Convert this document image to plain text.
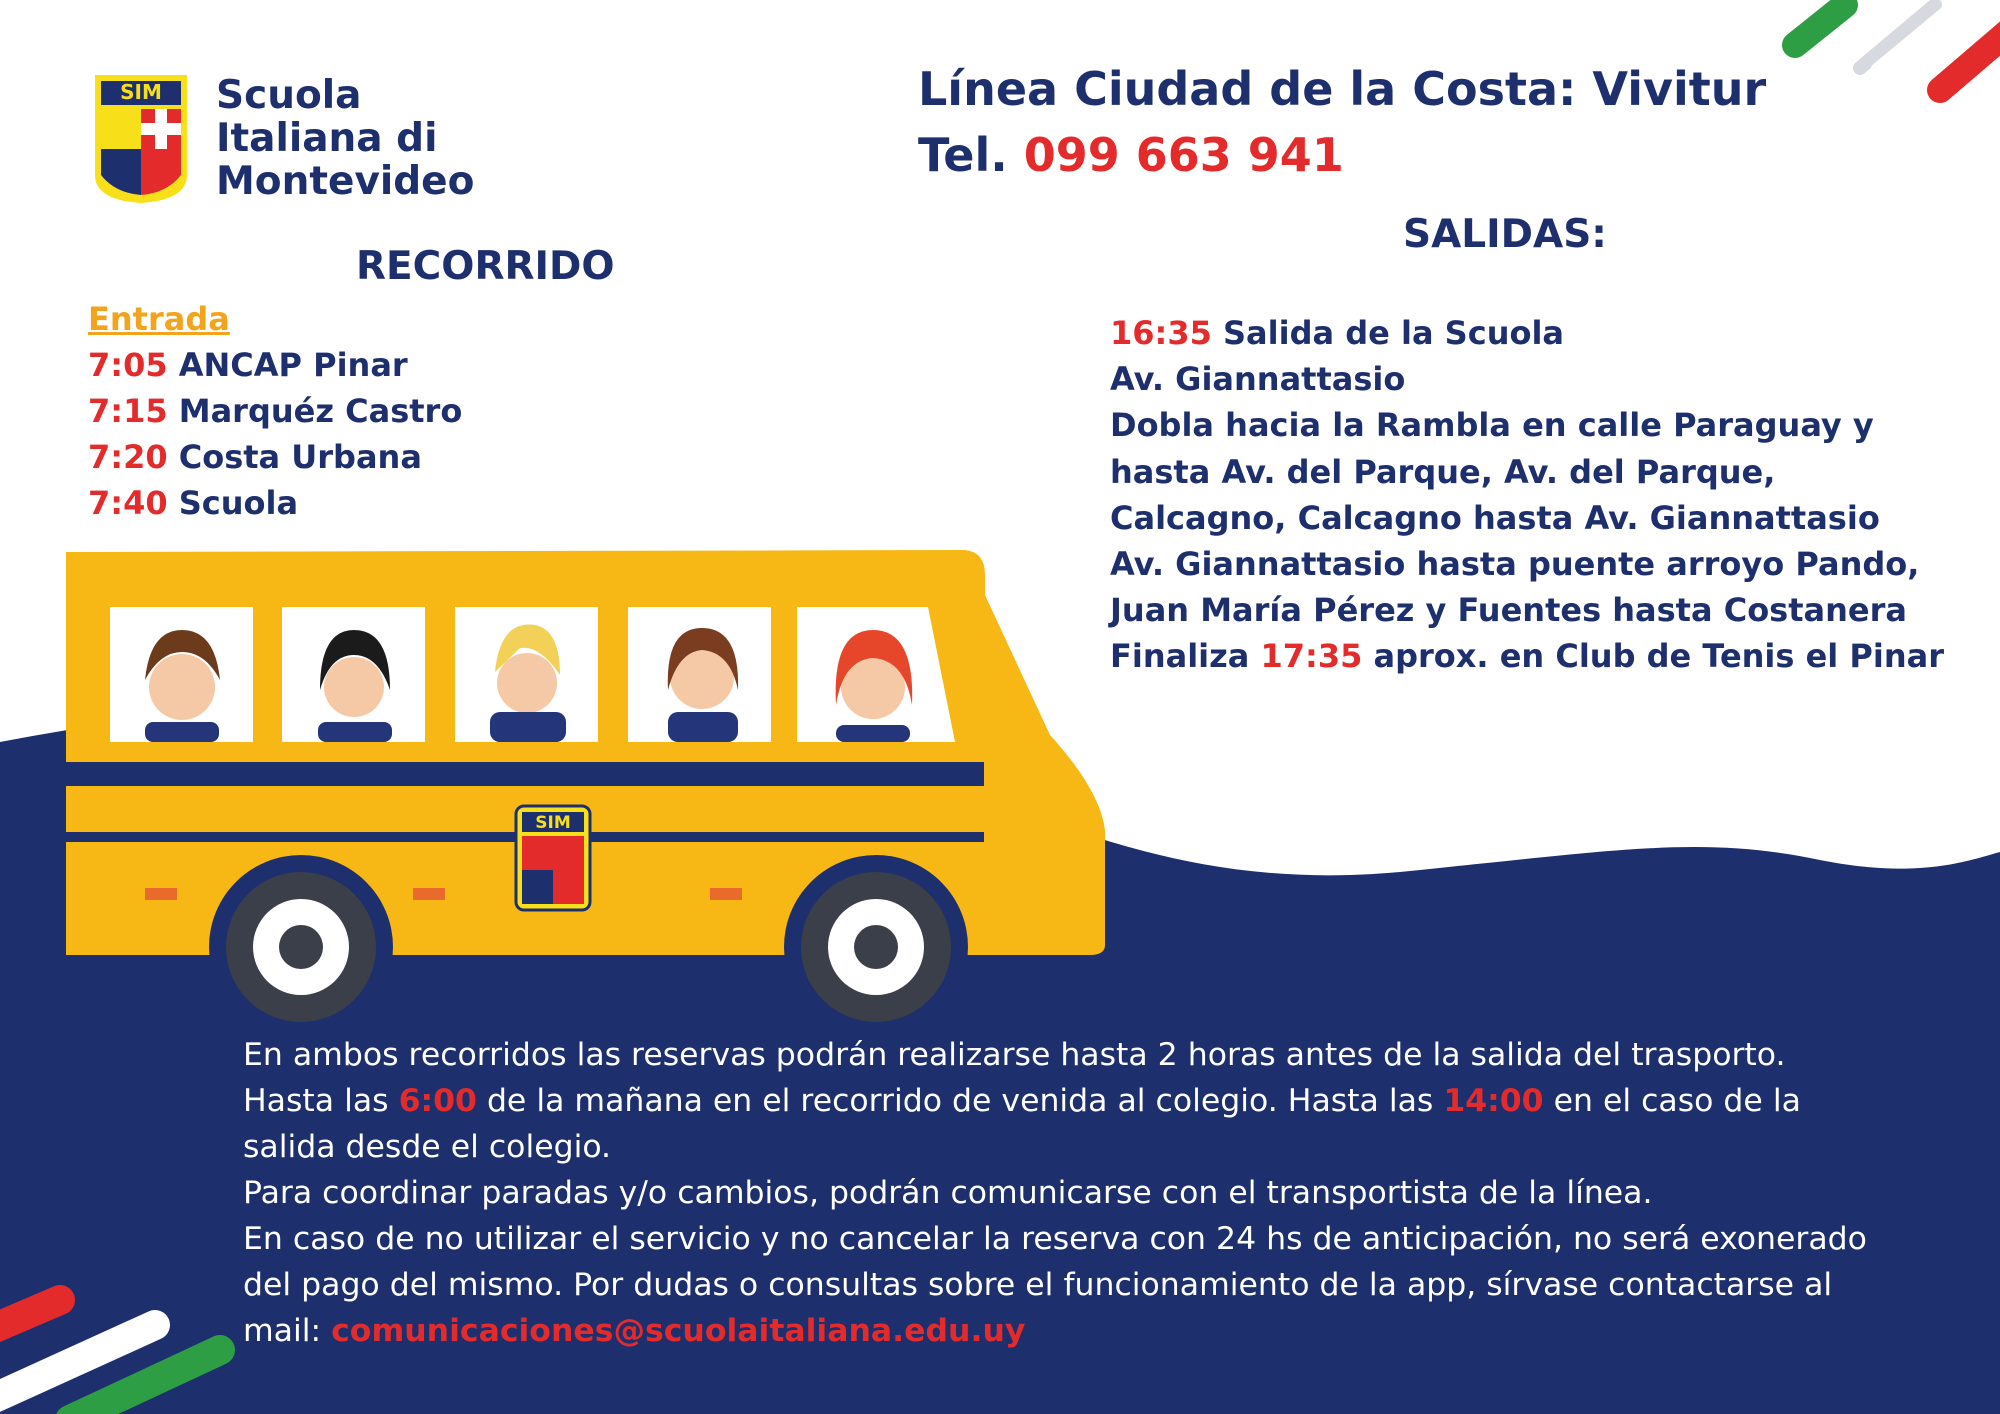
SIM
SIM	Scuola
Italiana di
Montevideo
Línea Ciudad de la Costa: Vivitur
Tel. 099 663 941
RECORRIDO
Entrada
7:05 ANCAP Pinar
7:15 Marquéz Castro
7:20 Costa Urbana
7:40 Scuola
SALIDAS:
16:35 Salida de la Scuola
Av. Giannattasio
Dobla hacia la Rambla en calle Paraguay y
hasta Av. del Parque, Av. del Parque,
Calcagno, Calcagno hasta Av. Giannattasio
Av. Giannattasio hasta puente arroyo Pando,
Juan María Pérez y Fuentes hasta Costanera
Finaliza 17:35 aprox. en Club de Tenis el Pinar
En ambos recorridos las reservas podrán realizarse hasta 2 horas antes de la salida del trasporto.
Hasta las 6:00 de la mañana en el recorrido de venida al colegio. Hasta las 14:00 en el caso de la
salida desde el colegio.
Para coordinar paradas y/o cambios, podrán comunicarse con el transportista de la línea.
En caso de no utilizar el servicio y no cancelar la reserva con 24 hs de anticipación, no será exonerado
del pago del mismo. Por dudas o consultas sobre el funcionamiento de la app, sírvase contactarse al
mail: comunicaciones@scuolaitaliana.edu.uy
